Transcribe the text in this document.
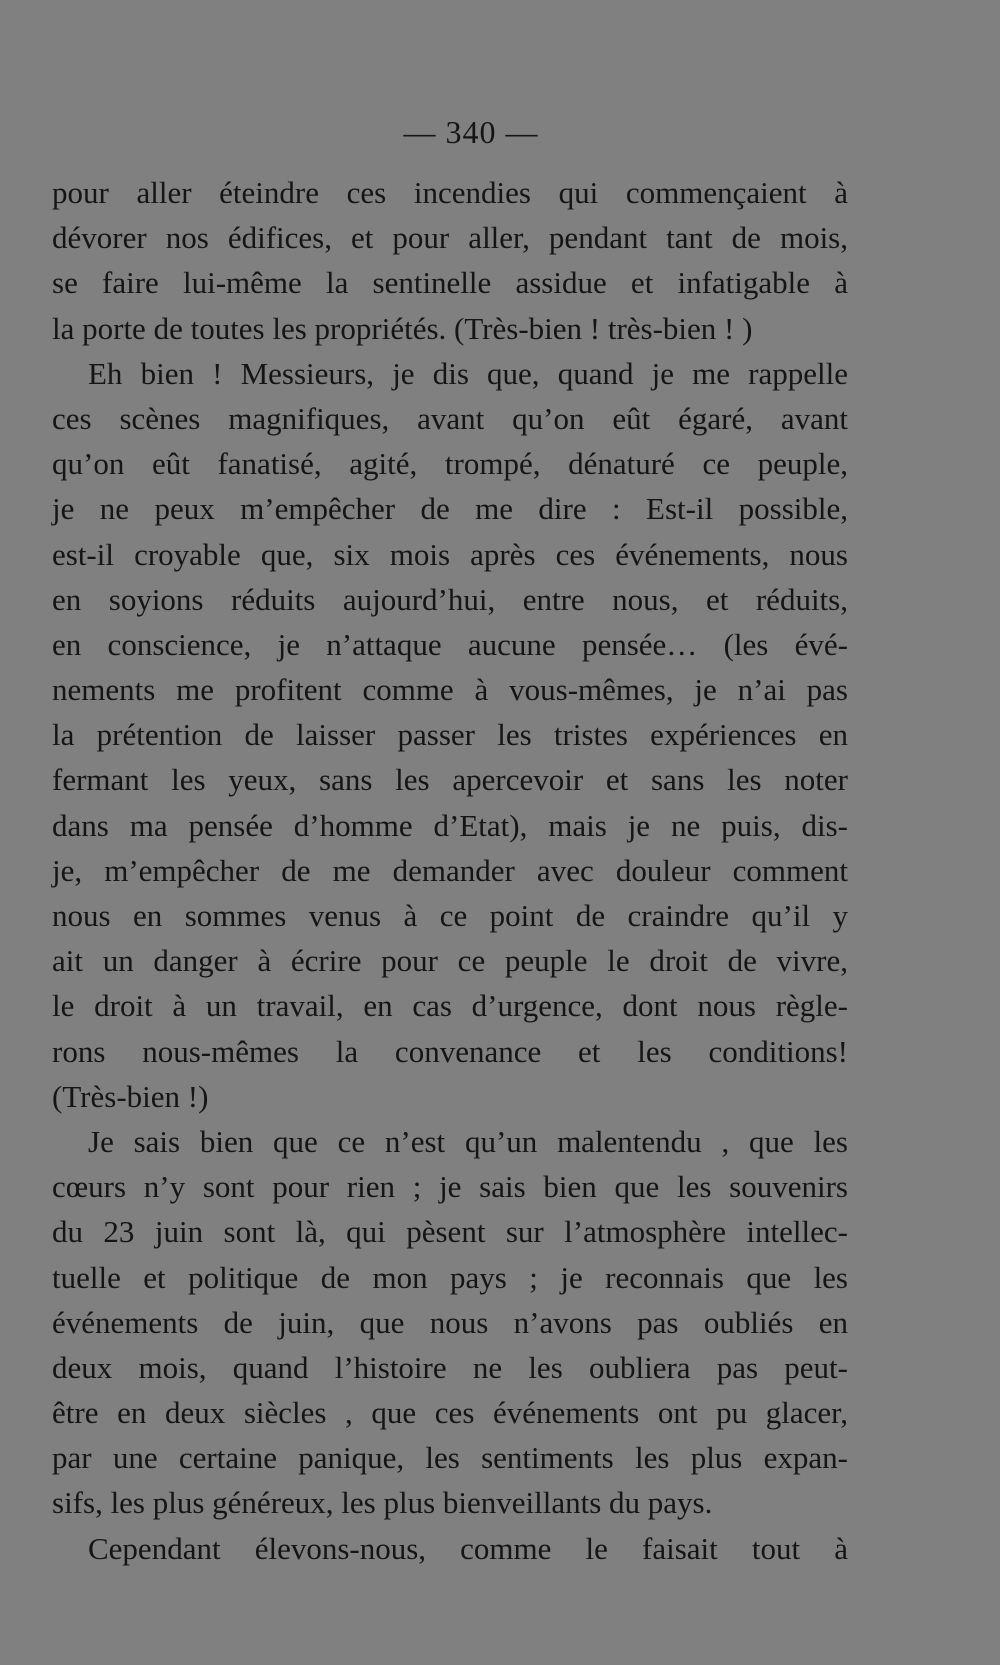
— 340 —
pour aller éteindre ces incendies qui commençaient à
dévorer nos édifices, et pour aller, pendant tant de mois,
se faire lui-même la sentinelle assidue et infatigable à
la porte de toutes les propriétés. (Très-bien ! très-bien ! )
Eh bien ! Messieurs, je dis que, quand je me rappelle
ces scènes magnifiques, avant qu’on eût égaré, avant
qu’on eût fanatisé, agité, trompé, dénaturé ce peuple,
je ne peux m’empêcher de me dire : Est-il possible,
est-il croyable que, six mois après ces événements, nous
en soyions réduits aujourd’hui, entre nous, et réduits,
en conscience, je n’attaque aucune pensée… (les évé-
nements me profitent comme à vous-mêmes, je n’ai pas
la prétention de laisser passer les tristes expériences en
fermant les yeux, sans les apercevoir et sans les noter
dans ma pensée d’homme d’Etat), mais je ne puis, dis-
je, m’empêcher de me demander avec douleur comment
nous en sommes venus à ce point de craindre qu’il y
ait un danger à écrire pour ce peuple le droit de vivre,
le droit à un travail, en cas d’urgence, dont nous règle-
rons nous-mêmes la convenance et les conditions!
(Très-bien !)
Je sais bien que ce n’est qu’un malentendu , que les
cœurs n’y sont pour rien ; je sais bien que les souvenirs
du 23 juin sont là, qui pèsent sur l’atmosphère intellec-
tuelle et politique de mon pays ; je reconnais que les
événements de juin, que nous n’avons pas oubliés en
deux mois, quand l’histoire ne les oubliera pas peut-
être en deux siècles , que ces événements ont pu glacer,
par une certaine panique, les sentiments les plus expan-
sifs, les plus généreux, les plus bienveillants du pays.
Cependant élevons-nous, comme le faisait tout à
